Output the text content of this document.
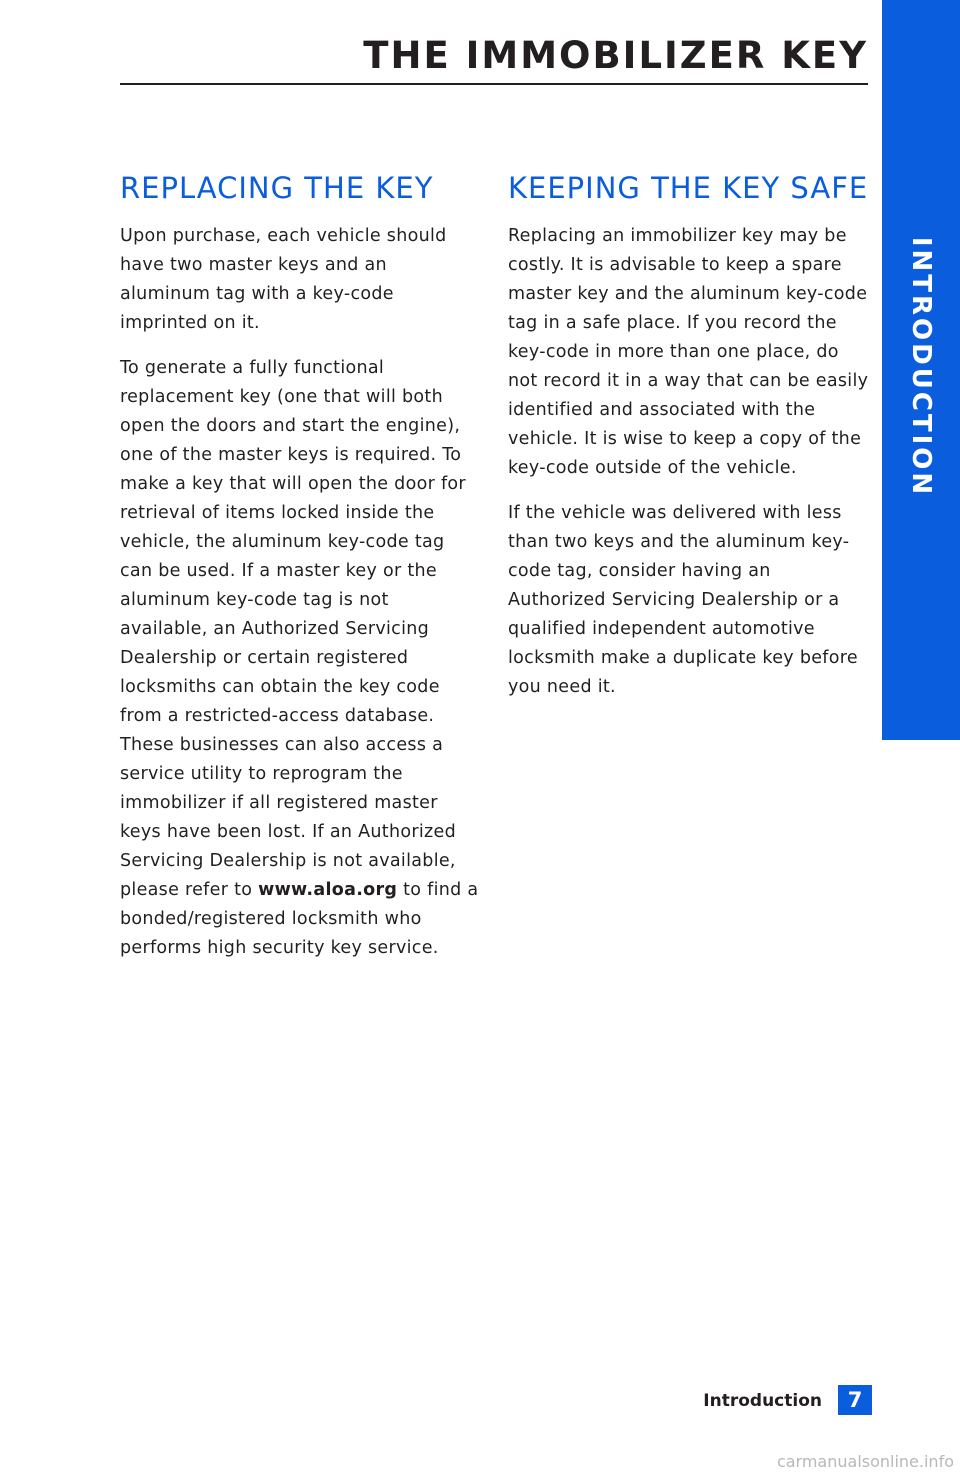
THE IMMOBILIZER KEY
INTRODUCTION
REPLACING THE KEY

Upon purchase, each vehicle should have two master keys and an aluminum tag with a key-code imprinted on it.

To generate a fully functional replacement key (one that will both open the doors and start the engine), one of the master keys is required. To make a key that will open the door for retrieval of items locked inside the vehicle, the aluminum key-code tag can be used. If a master key or the aluminum key-code tag is not available, an Authorized Servicing Dealership or certain registered locksmiths can obtain the key code from a restricted-access database. These businesses can also access a service utility to reprogram the immobilizer if all registered master keys have been lost. If an Authorized Servicing Dealership is not available, please refer to www.aloa.org to find a bonded/registered locksmith who performs high security key service.

KEEPING THE KEY SAFE

Replacing an immobilizer key may be costly. It is advisable to keep a spare master key and the aluminum key-code tag in a safe place. If you record the key-code in more than one place, do not record it in a way that can be easily identified and associated with the vehicle. It is wise to keep a copy of the key-code outside of the vehicle.

If the vehicle was delivered with less than two keys and the aluminum key-code tag, consider having an Authorized Servicing Dealership or a qualified independent automotive locksmith make a duplicate key before you need it.

Introduction	7
carmanualsonline.info
